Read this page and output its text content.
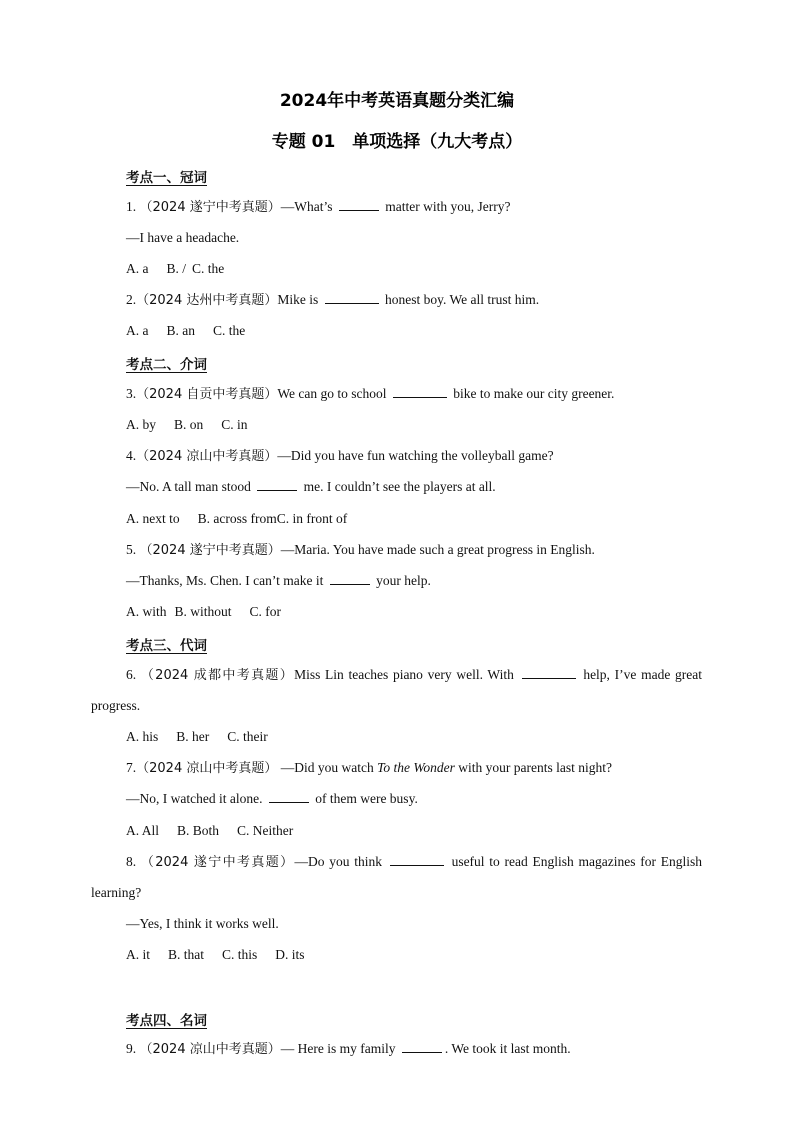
2024年中考英语真题分类汇编
专题 01　单项选择（九大考点）
考点一、冠词
1. （2024 遂宁中考真题）—What’s	matter with you, Jerry?
—I have a headache.
A. a B. / C. the
2.（2024 达州中考真题）Mike is	honest boy. We all trust him.
A. a B. an C. the
考点二、介词
3.（2024 自贡中考真题）We can go to school	bike to make our city greener.
A. by B. on C. in
4.（2024 凉山中考真题）—Did you have fun watching the volleyball game?
—No. A tall man stood	me. I couldn’t see the players at all.
A. next to B. across fromC. in front of
5. （2024 遂宁中考真题）—Maria. You have made such a great progress in English.
—Thanks, Ms. Chen. I can’t make it	your help.
A. with B. without C. for
考点三、代词
6. （2024 成都中考真题）Miss Lin teaches piano very well. With	help, I’ve made great
progress.
A. his B. her C. their
7.（2024 凉山中考真题） —Did you watch To the Wonder with your parents last night?
—No, I watched it alone.	of them were busy.
A. All B. Both C. Neither
8. （2024 遂宁中考真题）—Do you think	useful to read English magazines for English
learning?
—Yes, I think it works well.
A. it B. that C. this D. its
考点四、名词
9. （2024 凉山中考真题）— Here is my family	. We took it last month.
